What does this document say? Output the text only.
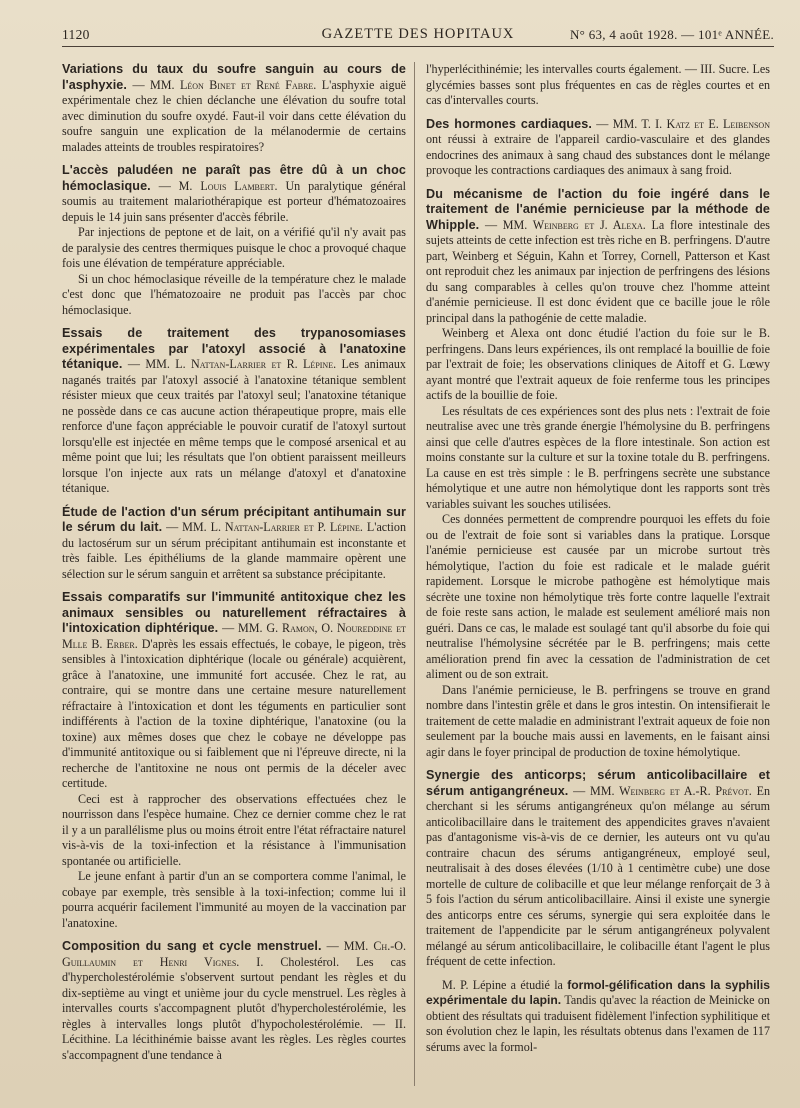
1120	GAZETTE DES HOPITAUX	N° 63, 4 août 1928. — 101ᵉ ANNÉE.

Variations du taux du soufre sanguin au cours de l'asphyxie. — MM. Léon Binet et René Fabre. L'asphyxie aiguë expérimentale chez le chien déclanche une élévation du soufre total avec diminution du soufre oxydé. Faut-il voir dans cette élévation du soufre sanguin une explication de la mélanodermie de certains malades atteints de troubles respiratoires?

L'accès paludéen ne paraît pas être dû à un choc hémoclasique. — M. Louis Lambert. Un paralytique général soumis au traitement malariothérapique est porteur d'hématozoaires depuis le 14 juin sans présenter d'accès fébrile.

Par injections de peptone et de lait, on a vérifié qu'il n'y avait pas de paralysie des centres thermiques puisque le choc a provoqué chaque fois une élévation de température appréciable.

Si un choc hémoclasique réveille de la température chez le malade c'est donc que l'hématozoaire ne produit pas l'accès par choc hémoclasique.

Essais de traitement des trypanosomiases expérimentales par l'atoxyl associé à l'anatoxine tétanique. — MM. L. Nattan-Larrier et R. Lépine. Les animaux naganés traités par l'atoxyl associé à l'anatoxine tétanique semblent résister mieux que ceux traités par l'atoxyl seul; l'anatoxine tétanique ne possède dans ce cas aucune action thérapeutique propre, mais elle renforce d'une façon appréciable le pouvoir curatif de l'atoxyl surtout lorsqu'elle est injectée en même temps que le composé arsenical et au même point que lui; les résultats que l'on obtient paraissent meilleurs lorsque l'on injecte aux rats un mélange d'atoxyl et d'anatoxine tétanique.

Étude de l'action d'un sérum précipitant antihumain sur le sérum du lait. — MM. L. Nattan-Larrier et P. Lépine. L'action du lactosérum sur un sérum précipitant antihumain est inconstante et très faible. Les épithéliums de la glande mammaire opèrent une sélection sur le sérum sanguin et arrêtent sa substance précipitante.

Essais comparatifs sur l'immunité antitoxique chez les animaux sensibles ou naturellement réfractaires à l'intoxication diphtérique. — MM. G. Ramon, O. Noureddine et Mlle B. Erber. D'après les essais effectués, le cobaye, le pigeon, très sensibles à l'intoxication diphtérique (locale ou générale) acquièrent, grâce à l'anatoxine, une immunité fort accusée. Chez le rat, au contraire, qui se montre dans une certaine mesure naturellement réfractaire à l'intoxication et dont les téguments en particulier sont indifférents à l'action de la toxine diphtérique, l'anatoxine (ou la toxine) aux mêmes doses que chez le cobaye ne développe pas d'immunité antitoxique ou si faiblement que ni l'épreuve directe, ni la recherche de l'antitoxine ne nous ont permis de la déceler avec certitude.

Ceci est à rapprocher des observations effectuées chez le nourrisson dans l'espèce humaine. Chez ce dernier comme chez le rat il y a un parallélisme plus ou moins étroit entre l'état réfractaire naturel vis-à-vis de la toxi-infection et la résistance à l'immunisation spontanée ou artificielle.

Le jeune enfant à partir d'un an se comportera comme l'animal, le cobaye par exemple, très sensible à la toxi-infection; comme lui il pourra acquérir facilement l'immunité au moyen de la vaccination par l'anatoxine.

Composition du sang et cycle menstruel. — MM. Ch.-O. Guillaumin et Henri Vignes. I. Cholestérol. Les cas d'hypercholestérolémie s'observent surtout pendant les règles et du dix-septième au vingt et unième jour du cycle menstruel. Les règles à intervalles courts s'accompagnent plutôt d'hypercholestérolémie, les règles à intervalles longs plutôt d'hypocholestérolémie. — II. Lécithine. La lécithinémie baisse avant les règles. Les règles courtes s'accompagnent d'une tendance à

l'hyperlécithinémie; les intervalles courts également. — III. Sucre. Les glycémies basses sont plus fréquentes en cas de règles courtes et en cas d'intervalles courts.

Des hormones cardiaques. — MM. T. I. Katz et E. Leibenson ont réussi à extraire de l'appareil cardio-vasculaire et des glandes endocrines des animaux à sang chaud des substances dont le mélange provoque les contractions cardiaques des animaux à sang froid.

Du mécanisme de l'action du foie ingéré dans le traitement de l'anémie pernicieuse par la méthode de Whipple. — MM. Weinberg et J. Alexa. La flore intestinale des sujets atteints de cette infection est très riche en B. perfringens. D'autre part, Weinberg et Séguin, Kahn et Torrey, Cornell, Patterson et Kast ont reproduit chez les animaux par injection de perfringens des lésions du sang comparables à celles qu'on trouve chez l'homme atteint d'anémie pernicieuse. Il est donc évident que ce bacille joue le rôle principal dans la pathogénie de cette maladie.

Weinberg et Alexa ont donc étudié l'action du foie sur le B. perfringens. Dans leurs expériences, ils ont remplacé la bouillie de foie par l'extrait de foie; les observations cliniques de Aitoff et G. Lœwy ayant montré que l'extrait aqueux de foie renferme tous les principes actifs de la bouillie de foie.

Les résultats de ces expériences sont des plus nets : l'extrait de foie neutralise avec une très grande énergie l'hémolysine du B. perfringens ainsi que celle d'autres espèces de la flore intestinale. Son action est moins constante sur la culture et sur la toxine totale du B. perfringens. La cause en est très simple : le B. perfringens secrète une substance hémolytique et une autre non hémolytique dont les rapports sont très variables suivant les souches utilisées.

Ces données permettent de comprendre pourquoi les effets du foie ou de l'extrait de foie sont si variables dans la pratique. Lorsque l'anémie pernicieuse est causée par un microbe surtout très hémolytique, l'action du foie est radicale et le malade guérit rapidement. Lorsque le microbe pathogène est hémolytique mais sécrète une toxine non hémolytique très forte contre laquelle l'extrait de foie reste sans action, le malade est seulement amélioré mais non guéri. Dans ce cas, le malade est soulagé tant qu'il absorbe du foie qui neutralise l'hémolysine sécrétée par le B. perfringens; mais cette amélioration prend fin avec la cessation de l'administration de cet aliment ou de son extrait.

Dans l'anémie pernicieuse, le B. perfringens se trouve en grand nombre dans l'intestin grêle et dans le gros intestin. On intensifierait le traitement de cette maladie en administrant l'extrait aqueux de foie non seulement par la bouche mais aussi en lavements, en le faisant ainsi agir dans le foyer principal de production de toxine hémolytique.

Synergie des anticorps; sérum anticolibacillaire et sérum antigangréneux. — MM. Weinberg et A.-R. Prévot. En cherchant si les sérums antigangréneux qu'on mélange au sérum anticolibacillaire dans le traitement des appendicites graves n'avaient pas d'antagonisme vis-à-vis de ce dernier, les auteurs ont vu qu'au contraire chacun des sérums antigangréneux, employé seul, neutralisait à des doses élevées (1/10 à 1 centimètre cube) une dose mortelle de culture de colibacille et que leur mélange renforçait de 3 à 5 fois l'action du sérum anticolibacillaire. Ainsi il existe une synergie des anticorps entre ces sérums, synergie qui sera exploitée dans le traitement de l'appendicite par le sérum antigangréneux polyvalent mélangé au sérum anticolibacillaire, le colibacille étant l'agent le plus fréquent de cette infection.

M. P. Lépine a étudié la formol-gélification dans la syphilis expérimentale du lapin. Tandis qu'avec la réaction de Meinicke on obtient des résultats qui traduisent fidèlement l'infection syphilitique et son évolution chez le lapin, les résultats obtenus dans l'examen de 117 sérums avec la formol-
